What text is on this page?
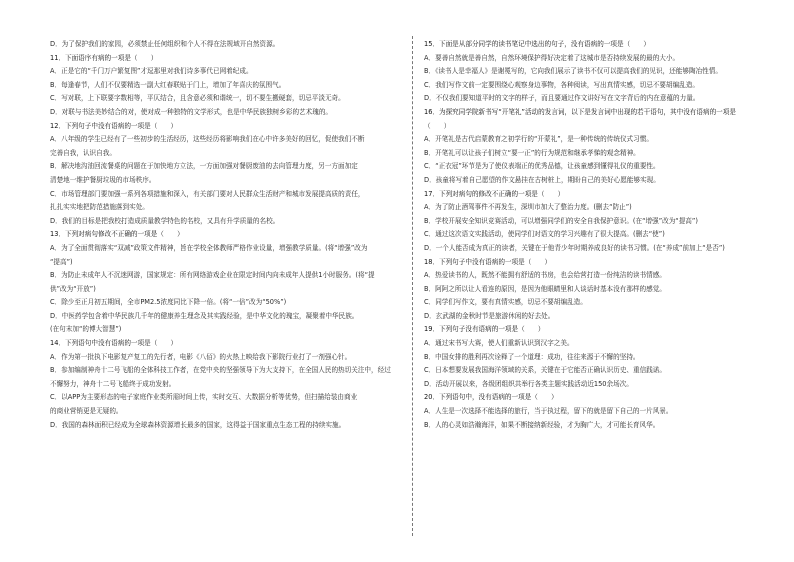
D．为了保护我们的家园，必须禁止任何组织和个人不得在法规域开自然资源。
11．下面语序有病的一项是（　　）
A．正是它的“千门万户繁复图”才逗那里对我们诗多事代已网着纪成。
B．每逢春节，人们不仅要精选一副大红春联贴于门上，增加了年喜庆的氛围气。
C．写对联，上下联要字数相等，平仄结合，且含意必须和谐统一，切不要生搬硬套，切忌平淡无奇。
D．对联与书法美妙结合的对，使对成一种独特的文学形式，也是中华民族独树乡彩的艺术瑰的。
12．下列句子中没有语病的一项是（　　）
A．八年级的学生已经有了一些初步的生活经历，这些经历将影响我们在心中许多美好的回忆，促使我们不断
完善自我，认识自我。
B．解决地沟油回流餐桌的问题在于加快地方立法，一方面加强对餐厨废油的去向管理力度，另一方面加定
清楚地一维护餐厨垃圾的市场秩序。
C．市场管理部门要加强一系列各项措施和深入，有关部门要对人民群众生活财产和城市发展提高质的责任，
扎扎实实地把防范措施落到实处。
D．我们的目标是把我校打造成质量教学特色的名校，又具有升学质量的名校。
13．下列对病句修改不正确的一项是（　　）
A．为了全面贯彻落实“双减”政策文件精神，旨在学校全体教师严格作业设量，增强教学质量。(将“增强”改为
“提高”)
B．为防止未成年人不沉迷网游，国家规定：所有网络游戏企业在限定时间内向未成年人提供1小时服务。(将“提
供”改为“开放”)
C．除少至正月初五期间，全市PM2.5浓度同比下降一倍。(将“一倍”改为“50%”)
D．中医药学包含着中华民族几千年的健康养生理念及其实践经验，是中华文化的瑰宝，凝聚着中华民族。
(在句末加“的博大智慧”)
14．下列语句中没有语病的一项是（　　）
A．作为第一批执下电影复产复工的先行者，电影《八佰》的火热上映给我下影院行业打了一剂强心针。
B．参加编制神舟十二号飞船的全体科技工作者，在党中央的坚强领导下为大支持下，在全国人民的热切关注中，经过
不懈努力，神舟十二号飞船终于成功发射。
C．以APP为主要形态的电子家庭作业类所需时间上传，实时交互、大数据分析等优势，但扫描给装由商业
的商业营销更是无疑的。
D．我国的森林面积已经成为全球森林资源增长最多的国家，这得益于国家重点生态工程的持续实施。
15．下面是从部分同学的读书笔记中选出的句子，没有语病的一项是（　　）
A．要善自然就是善自然，自然环境保护得好决定着了这城市是否持续发展的最的大小。
B．《读书人是幸福人》是谢冕写的，它向我们展示了读书不仅可以提高我们的见识，还能够陶冶性情。
C．我们写作文前一定要围绕心观察身边事物，各种阅读，写出真情实感，切忌不要胡编乱造。
D．不仅我们要知道平时的文字的样子，而且要通过作文讲好写在文字背后的内在意蕴的力量。
16．为探究同学院新书写“开笔礼”活动的发言词，以下是发言词中出现的若干语句，其中没有语病的一项是
（　　）
A．开笔礼是古代启蒙教育之初学行的“开蒙礼”，是一种传统的传统仪式习惯。
B．开笔礼可以让孩子们树立“要一正”的行为规范和继承孝悌的观念精神。
C．“正衣冠”环节是为了使仪表端正的优秀品德，让孩童感到懂得礼仪的重要性。
D．孩童将写着自己愿望的作文悬挂在古树桩上，期盼自己的美好心愿能够实现。
17．下列对病句的修改不正确的一项是（　　）
A．为了防止酒驾事件不再发生，深圳市加大了整治力度。(删去“防止”)
B．学校开展安全知识竞赛活动，可以增强同学们的安全自我保护意识。(在“增强”改为“提高”)
C．通过这次语文实践活动，使同学们对语文的学习兴趣有了很大提高。(删去“使”)
D．一个人能否成为真正的读者，关键在于他青少年时期养成良好的读书习惯。(在“养成”前加上“是否”)
18．下列句子中没有语病的一项是（　　）
A．热爱读书的人，既然不能拥有舒适的书房，也会给营打造一份纯洁的读书情感。
B．阿阿之所以让人看连的原因，是因为他眼睛里和人谈话时基本没有那样的感觉。
C．同学们写作文，要有真情实感，切忌不要胡编乱造。
D．玄武湖的金秋时节是旅游休闲的好去处。
19．下列句子没有语病的一项是（　　）
A．通过宋书写大赛，使人们重新认识到汉字之美。
B．中国女排的胜利再次诠释了一个道理：成功，往往来源于不懈的坚持。
C．日本想要发展我国海洋领域的关系，关键在于它能否正确认识历史、重信践诺。
D．活动开展以来，各级团组织共举行各类主题实践活动近150余场次。
20．下列语句中，没有语病的一项是（　　）
A．人生是一次选择不能选择的旅行，当于执过程，留下的就是留下自己的一片风景。
B．人的心灵如浩瀚海洋，如果不断接纳新经验，才为胸广大，才可能长育风华。
